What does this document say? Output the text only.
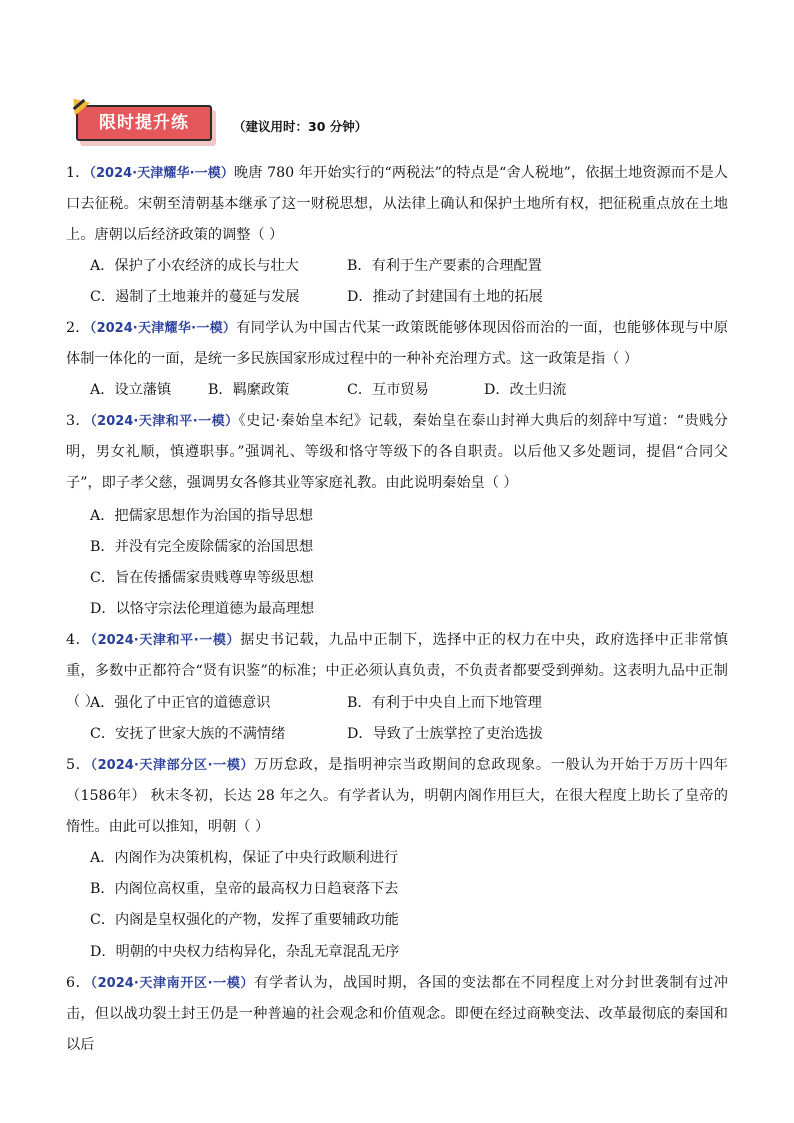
限时提升练	（建议用时：30 分钟）
1．（2024·天津耀华·一模）晚唐 780 年开始实行的“两税法”的特点是“舍人税地”，依据土地资源而不是人口去征税。宋朝至清朝基本继承了这一财税思想，从法律上确认和保护土地所有权，把征税重点放在土地上。唐朝以后经济政策的调整（ ）
A．保护了小农经济的成长与壮大	B．有利于生产要素的合理配置
C．遏制了土地兼并的蔓延与发展	D．推动了封建国有土地的拓展
2．（2024·天津耀华·一模）有同学认为中国古代某一政策既能够体现因俗而治的一面，也能够体现与中原体制一体化的一面，是统一多民族国家形成过程中的一种补充治理方式。这一政策是指（ ）
A．设立藩镇	B．羁縻政策	C．互市贸易	D．改土归流
3．（2024·天津和平·一模）《史记·秦始皇本纪》记载，秦始皇在泰山封禅大典后的刻辞中写道：“贵贱分明，男女礼顺，慎遵职事。”强调礼、等级和恪守等级下的各自职责。以后他又多处题词，提倡“合同父子”，即子孝父慈，强调男女各修其业等家庭礼教。由此说明秦始皇（ ）
A．把儒家思想作为治国的指导思想
B．并没有完全废除儒家的治国思想
C．旨在传播儒家贵贱尊卑等级思想
D．以恪守宗法伦理道德为最高理想
4．（2024·天津和平·一模）据史书记载，九品中正制下，选择中正的权力在中央，政府选择中正非常慎重，多数中正都符合“贤有识鉴”的标准；中正必须认真负责，不负责者都要受到弹劾。这表明九品中正制（ ）
A．强化了中正官的道德意识	B．有利于中央自上而下地管理
C．安抚了世家大族的不满情绪	D．导致了士族掌控了吏治选拔
5．（2024·天津部分区·一模）万历怠政，是指明神宗当政期间的怠政现象。一般认为开始于万历十四年（1586年） 秋末冬初，长达 28 年之久。有学者认为，明朝内阁作用巨大，在很大程度上助长了皇帝的惰性。由此可以推知，明朝（ ）
A．内阁作为决策机构，保证了中央行政顺利进行
B．内阁位高权重，皇帝的最高权力日趋衰落下去
C．内阁是皇权强化的产物，发挥了重要辅政功能
D．明朝的中央权力结构异化，杂乱无章混乱无序
6．（2024·天津南开区·一模）有学者认为，战国时期，各国的变法都在不同程度上对分封世袭制有过冲击，但以战功裂土封王仍是一种普遍的社会观念和价值观念。即便在经过商鞅变法、改革最彻底的秦国和以后
